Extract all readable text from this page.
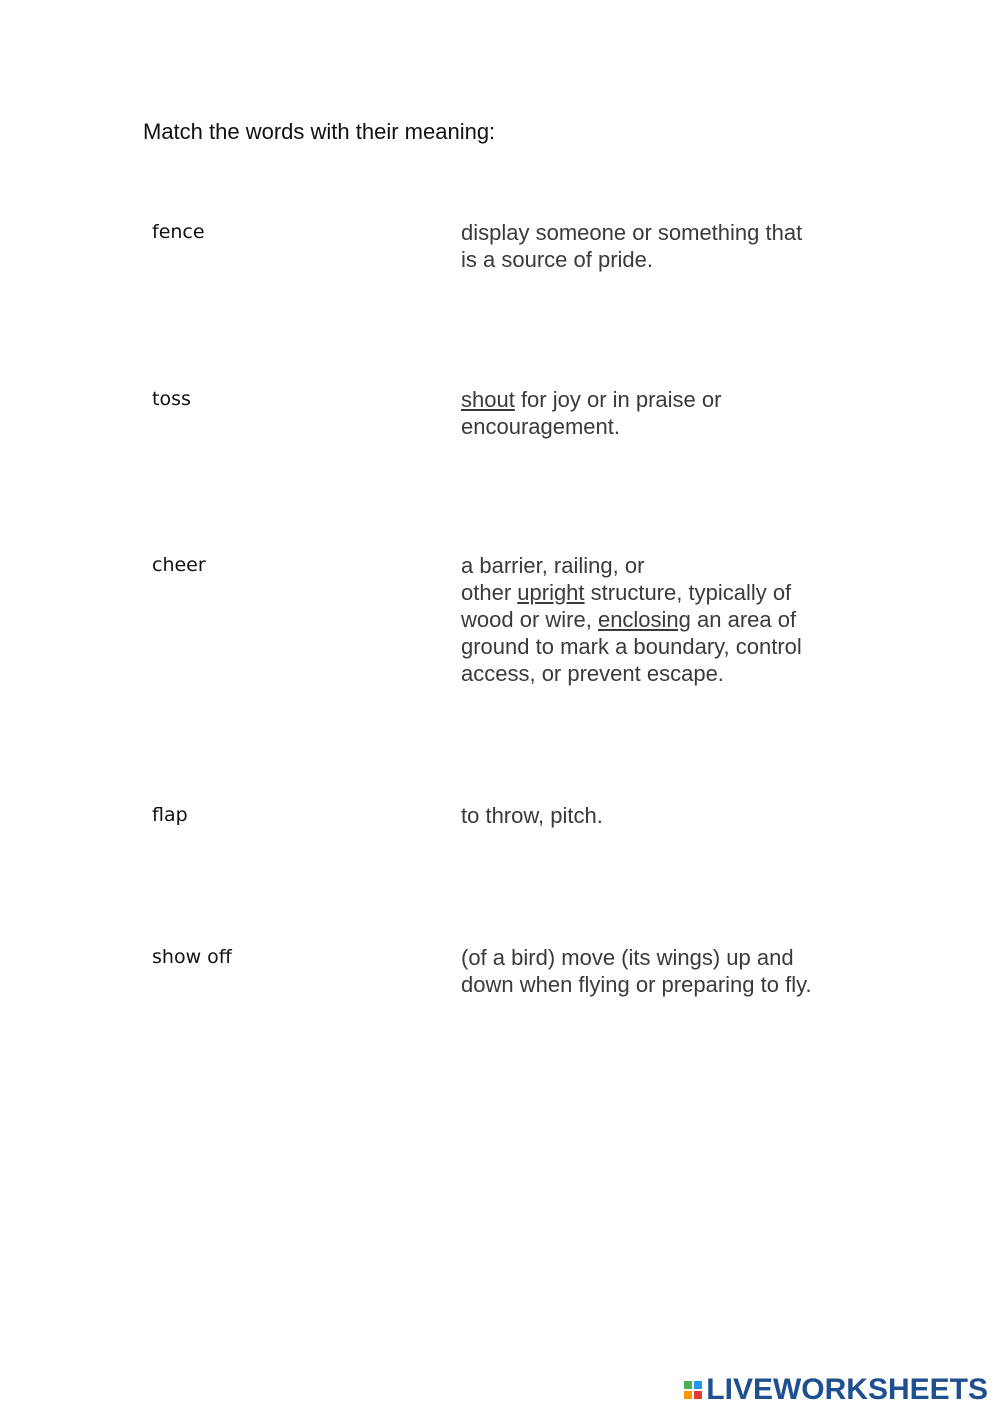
Match the words with their meaning:
fence	display someone or something that
is a source of pride.
toss	shout for joy or in praise or
encouragement.
cheer	a barrier, railing, or
other upright structure, typically of
wood or wire, enclosing an area of
ground to mark a boundary, control
access, or prevent escape.
flap	to throw, pitch.
show off	(of a bird) move (its wings) up and
down when flying or preparing to fly.
LIVEWORKSHEETS
